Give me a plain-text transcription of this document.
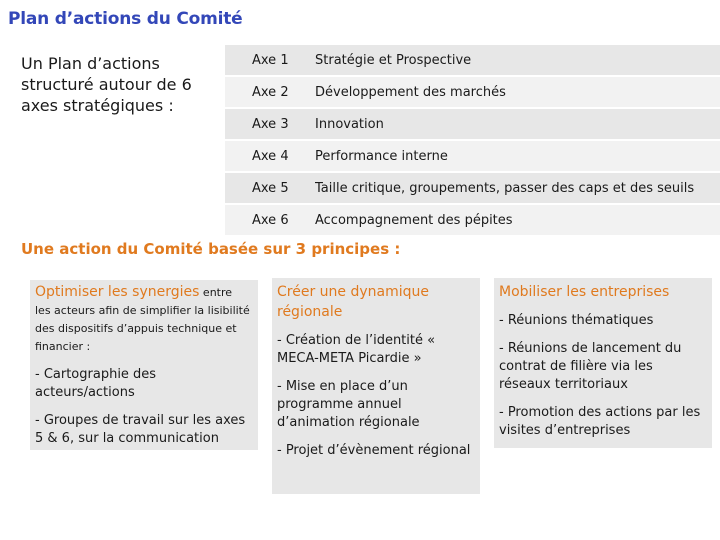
Plan d’actions du Comité
Un Plan d’actions structuré autour de 6 axes stratégiques :
Axe 1	Stratégie et Prospective
Axe 2	Développement des marchés
Axe 3	Innovation
Axe 4	Performance interne
Axe 5	Taille critique, groupements, passer des caps et des seuils
Axe 6	Accompagnement des pépites
Une action du Comité basée sur 3 principes :

Optimiser les synergies entre
les acteurs afin de simplifier la lisibilité des dispositifs d’appuis technique et financier :

- Cartographie des acteurs/actions

- Groupes de travail sur les axes 5 & 6, sur la communication

Créer une dynamique régionale

- Création de l’identité « MECA-META Picardie »

- Mise en place d’un programme annuel d’animation régionale

- Projet d’évènement régional

Mobiliser les entreprises

- Réunions thématiques

- Réunions de lancement du contrat de filière via les réseaux territoriaux

- Promotion des actions par les visites d’entreprises
